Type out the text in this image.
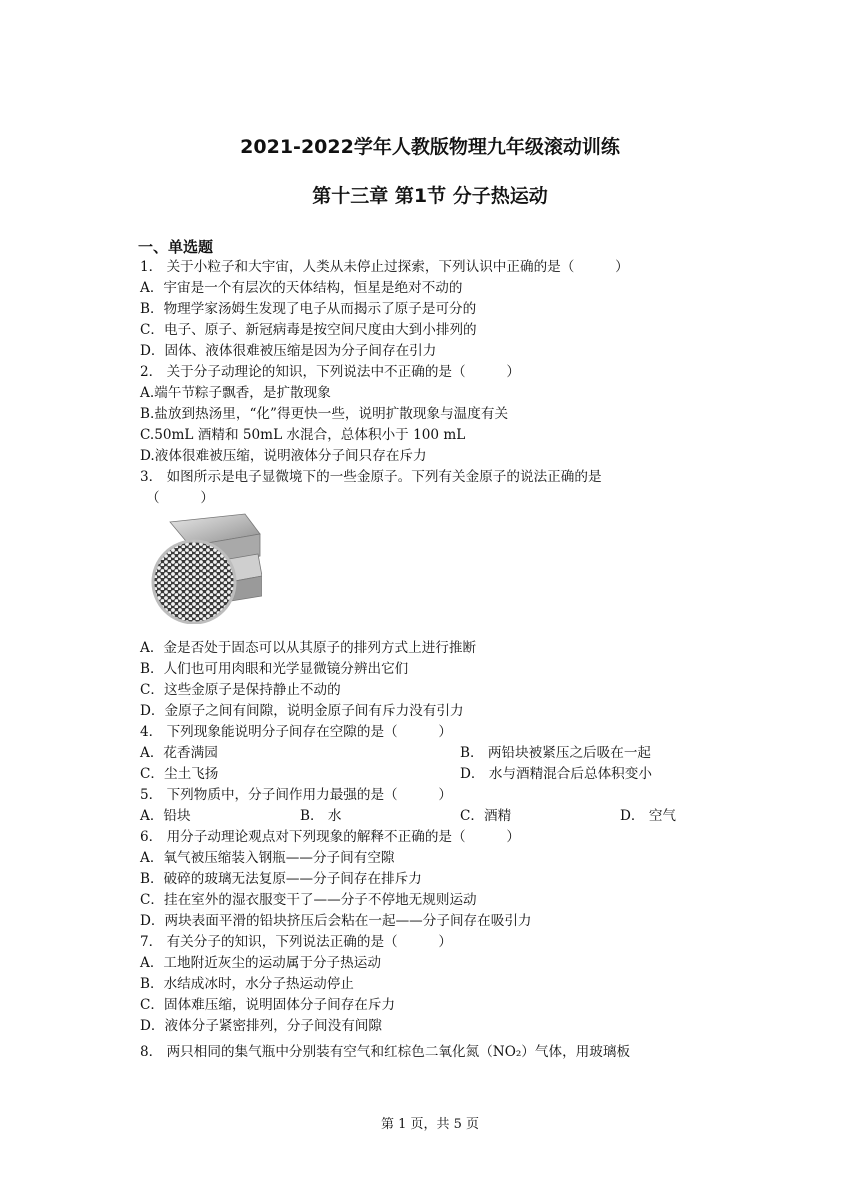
2021-2022学年人教版物理九年级滚动训练
第十三章 第1节 分子热运动
一、单选题
1． 关于小粒子和大宇宙，人类从未停止过探索，下列认识中正确的是（　　　）
A．宇宙是一个有层次的天体结构，恒星是绝对不动的
B．物理学家汤姆生发现了电子从而揭示了原子是可分的
C．电子、原子、新冠病毒是按空间尺度由大到小排列的
D．固体、液体很难被压缩是因为分子间存在引力
2． 关于分子动理论的知识，下列说法中不正确的是（　　　）
A.端午节粽子飘香，是扩散现象
B.盐放到热汤里，“化”得更快一些，说明扩散现象与温度有关
C.50mL 酒精和 50mL 水混合，总体积小于 100 mL
D.液体很难被压缩，说明液体分子间只存在斥力
3． 如图所示是电子显微境下的一些金原子。下列有关金原子的说法正确的是
（　　　）
A．金是否处于固态可以从其原子的排列方式上进行推断
B．人们也可用肉眼和光学显微镜分辨出它们
C．这些金原子是保持静止不动的
D．金原子之间有间隙，说明金原子间有斥力没有引力
4． 下列现象能说明分子间存在空隙的是（　　　）
A．花香满园	B． 两铅块被紧压之后吸在一起
C．尘土飞扬	D． 水与酒精混合后总体积变小
5． 下列物质中，分子间作用力最强的是（　　　）
A．铅块	B． 水	C．酒精	D． 空气
6． 用分子动理论观点对下列现象的解释不正确的是（　　　）
A．氧气被压缩装入钢瓶——分子间有空隙
B．破碎的玻璃无法复原——分子间存在排斥力
C．挂在室外的湿衣服变干了——分子不停地无规则运动
D．两块表面平滑的铅块挤压后会粘在一起——分子间存在吸引力
7． 有关分子的知识，下列说法正确的是（　　　）
A．工地附近灰尘的运动属于分子热运动
B．水结成冰时，水分子热运动停止
C．固体难压缩，说明固体分子间存在斥力
D．液体分子紧密排列，分子间没有间隙
8． 两只相同的集气瓶中分别装有空气和红棕色二氧化氮（NO₂）气体，用玻璃板
第 1 页，共 5 页
